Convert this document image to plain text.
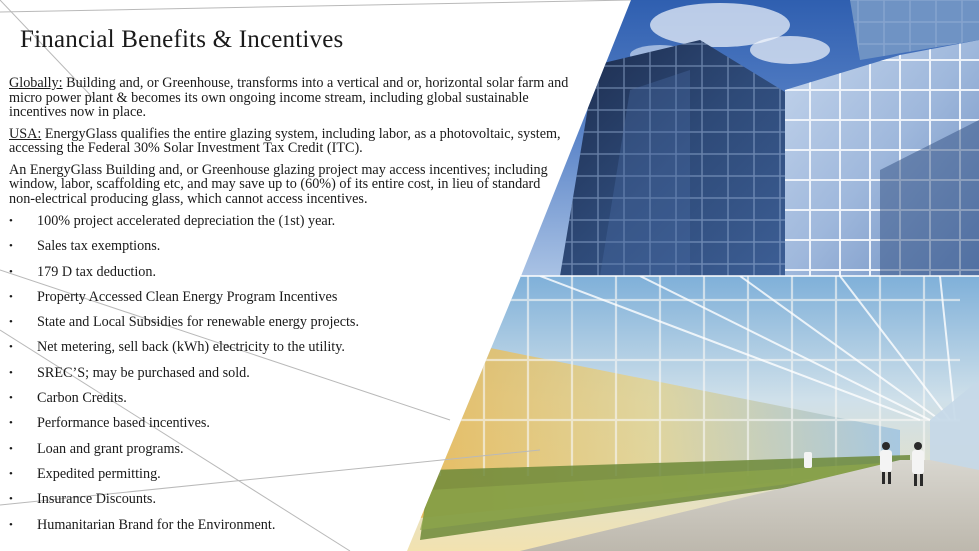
Financial Benefits & Incentives

Globally: Building and, or Greenhouse, transforms into a vertical and or, horizontal solar farm and micro power plant & becomes its own ongoing income stream, including global sustainable incentives now in place.

USA: EnergyGlass qualifies the entire glazing system, including labor, as a photovoltaic, system, accessing the Federal 30% Solar Investment Tax Credit (ITC).

An EnergyGlass Building and, or Greenhouse glazing project may access incentives; including window, labor, scaffolding etc, and may save up to (60%) of its entire cost, in lieu of standard non-electrical producing glass, which cannot access incentives.

• 100% project accelerated depreciation the (1st) year.
• Sales tax exemptions.
• 179 D tax deduction.
• Property Accessed Clean Energy Program Incentives
• State and Local Subsidies for renewable energy projects.
• Net metering, sell back (kWh) electricity to the utility.
• SREC’S; may be purchased and sold.
• Carbon Credits.
• Performance based incentives.
• Loan and grant programs.
• Expedited permitting.
• Insurance Discounts.
• Humanitarian Brand for the Environment.
